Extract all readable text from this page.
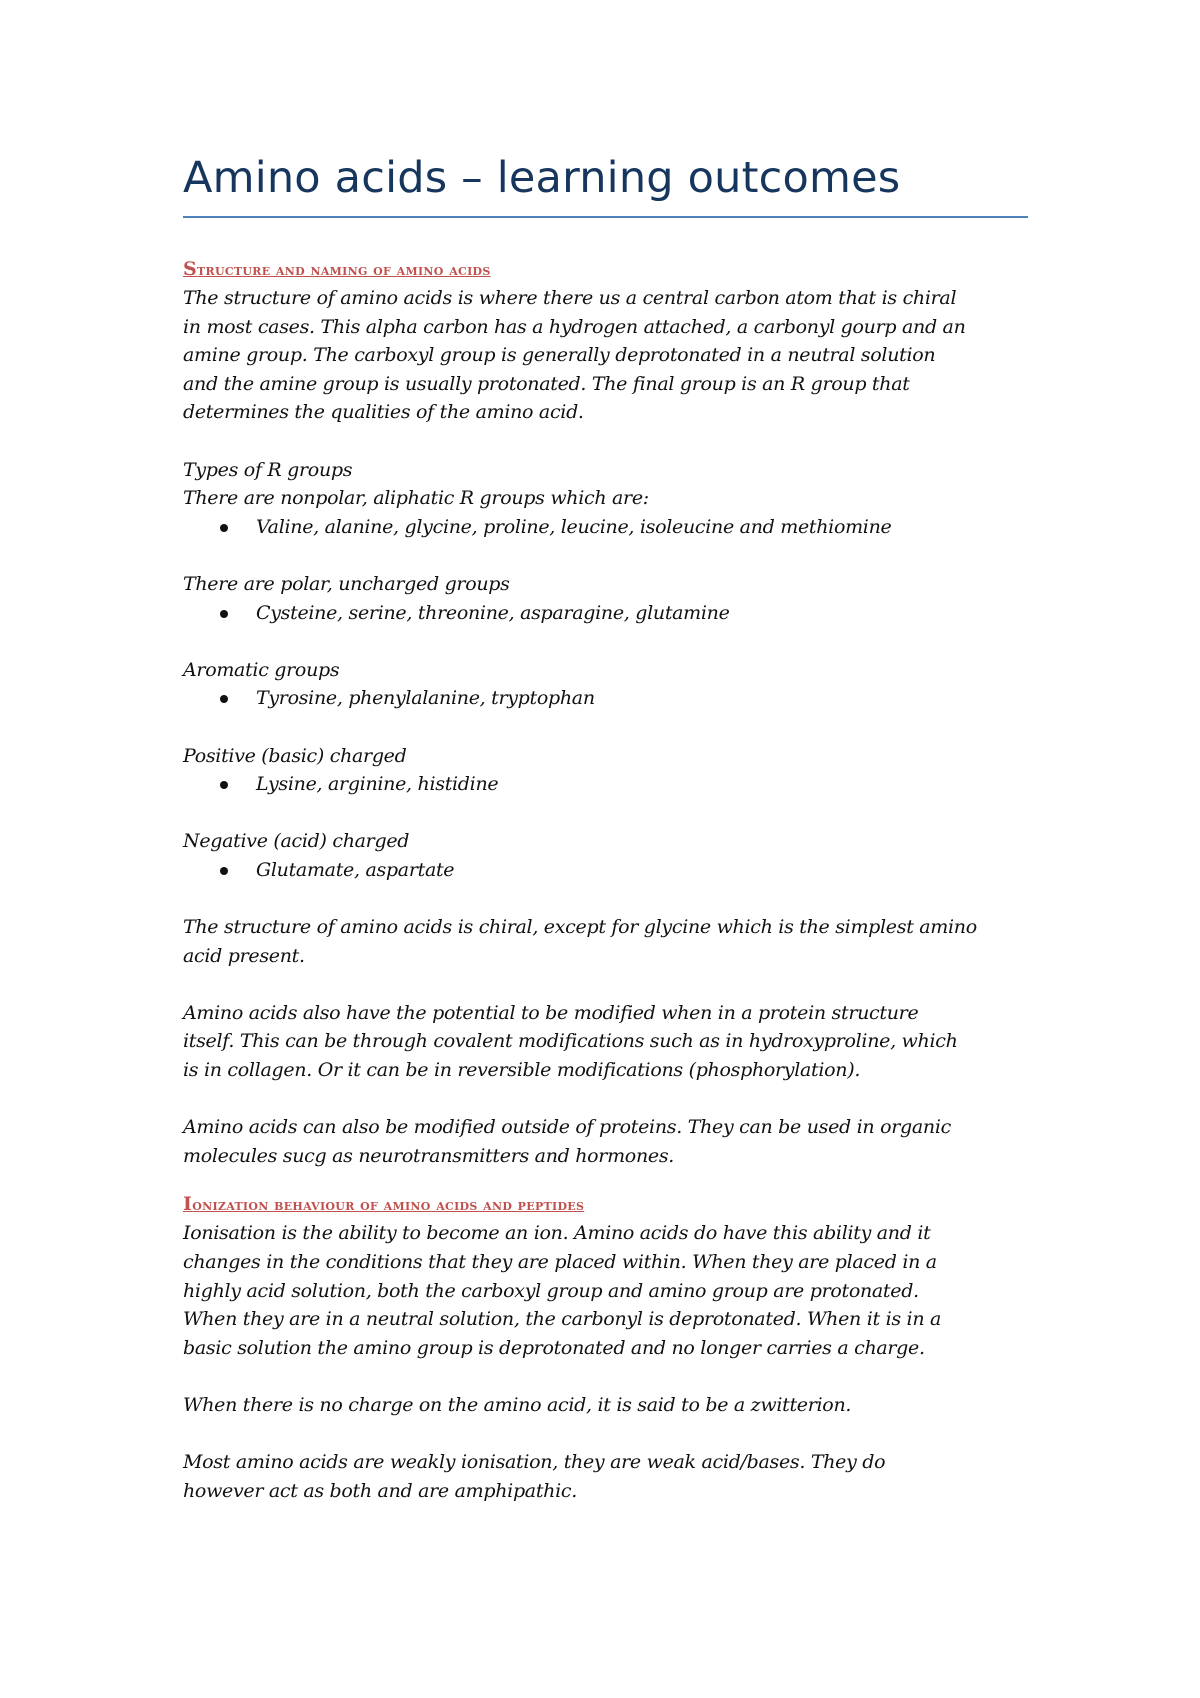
Amino acids – learning outcomes
Structure and naming of amino acids
The structure of amino acids is where there us a central carbon atom that is chiral
in most cases. This alpha carbon has a hydrogen attached, a carbonyl gourp and an
amine group. The carboxyl group is generally deprotonated in a neutral solution
and the amine group is usually protonated. The final group is an R group that
determines the qualities of the amino acid.
Types of R groups
There are nonpolar, aliphatic R groups which are:
Valine, alanine, glycine, proline, leucine, isoleucine and methiomine
There are polar, uncharged groups
Cysteine, serine, threonine, asparagine, glutamine
Aromatic groups
Tyrosine, phenylalanine, tryptophan
Positive (basic) charged
Lysine, arginine, histidine
Negative (acid) charged
Glutamate, aspartate
The structure of amino acids is chiral, except for glycine which is the simplest amino
acid present.
Amino acids also have the potential to be modified when in a protein structure
itself. This can be through covalent modifications such as in hydroxyproline, which
is in collagen. Or it can be in reversible modifications (phosphorylation).
Amino acids can also be modified outside of proteins. They can be used in organic
molecules sucg as neurotransmitters and hormones.
Ionization behaviour of amino acids and peptides
Ionisation is the ability to become an ion. Amino acids do have this ability and it
changes in the conditions that they are placed within. When they are placed in a
highly acid solution, both the carboxyl group and amino group are protonated.
When they are in a neutral solution, the carbonyl is deprotonated. When it is in a
basic solution the amino group is deprotonated and no longer carries a charge.
When there is no charge on the amino acid, it is said to be a zwitterion.
Most amino acids are weakly ionisation, they are weak acid/bases. They do
however act as both and are amphipathic.
